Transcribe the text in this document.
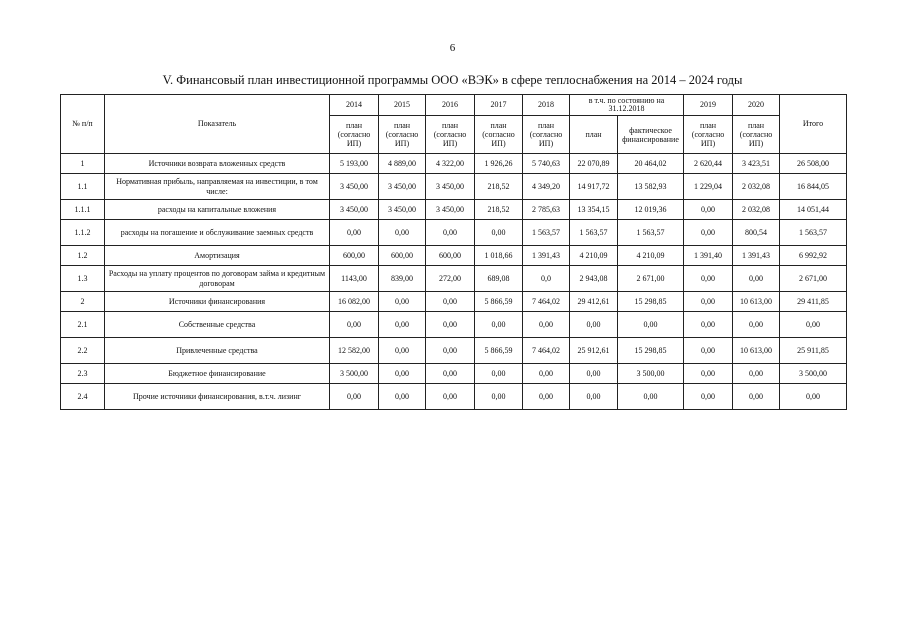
6
V. Финансовый план инвестиционной программы ООО «ВЭК» в сфере теплоснабжения на 2014 – 2024 годы
№ п/п	Показатель	2014	2015	2016	2017	2018	в т.ч. по состоянию на 31.12.2018		2019	2020	Итого
		план (согласно ИП)	план (согласно ИП)	план (согласно ИП)	план (согласно ИП)	план (согласно ИП)	план	фактическое финансирование	план (согласно ИП)	план (согласно ИП)	
1	Источники возврата вложенных средств	5 193,00	4 889,00	4 322,00	1 926,26	5 740,63	22 070,89	20 464,02	2 620,44	3 423,51	26 508,00
1.1	Нормативная прибыль, направляемая на инвестиции, в том числе:	3 450,00	3 450,00	3 450,00	218,52	4 349,20	14 917,72	13 582,93	1 229,04	2 032,08	16 844,05
1.1.1	расходы на капитальные вложения	3 450,00	3 450,00	3 450,00	218,52	2 785,63	13 354,15	12 019,36	0,00	2 032,08	14 051,44
1.1.2	расходы на погашение и обслуживание заемных средств	0,00	0,00	0,00	0,00	1 563,57	1 563,57	1 563,57	0,00	800,54	1 563,57
1.2	Амортизация	600,00	600,00	600,00	1 018,66	1 391,43	4 210,09	4 210,09	1 391,40	1 391,43	6 992,92
1.3	Расходы на уплату процентов по договорам займа и кредитным договорам	1143,00	839,00	272,00	689,08	0,0	2 943,08	2 671,00	0,00	0,00	2 671,00
2	Источники финансирования	16 082,00	0,00	0,00	5 866,59	7 464,02	29 412,61	15 298,85	0,00	10 613,00	29 411,85
2.1	Собственные средства	0,00	0,00	0,00	0,00	0,00	0,00	0,00	0,00	0,00	0,00
2.2	Привлеченные средства	12 582,00	0,00	0,00	5 866,59	7 464,02	25 912,61	15 298,85	0,00	10 613,00	25 911,85
2.3	Бюджетное финансирование	3 500,00	0,00	0,00	0,00	0,00	0,00	3 500,00	0,00	0,00	3 500,00
2.4	Прочие источники финансирования, в.т.ч. лизинг	0,00	0,00	0,00	0,00	0,00	0,00	0,00	0,00	0,00	0,00
